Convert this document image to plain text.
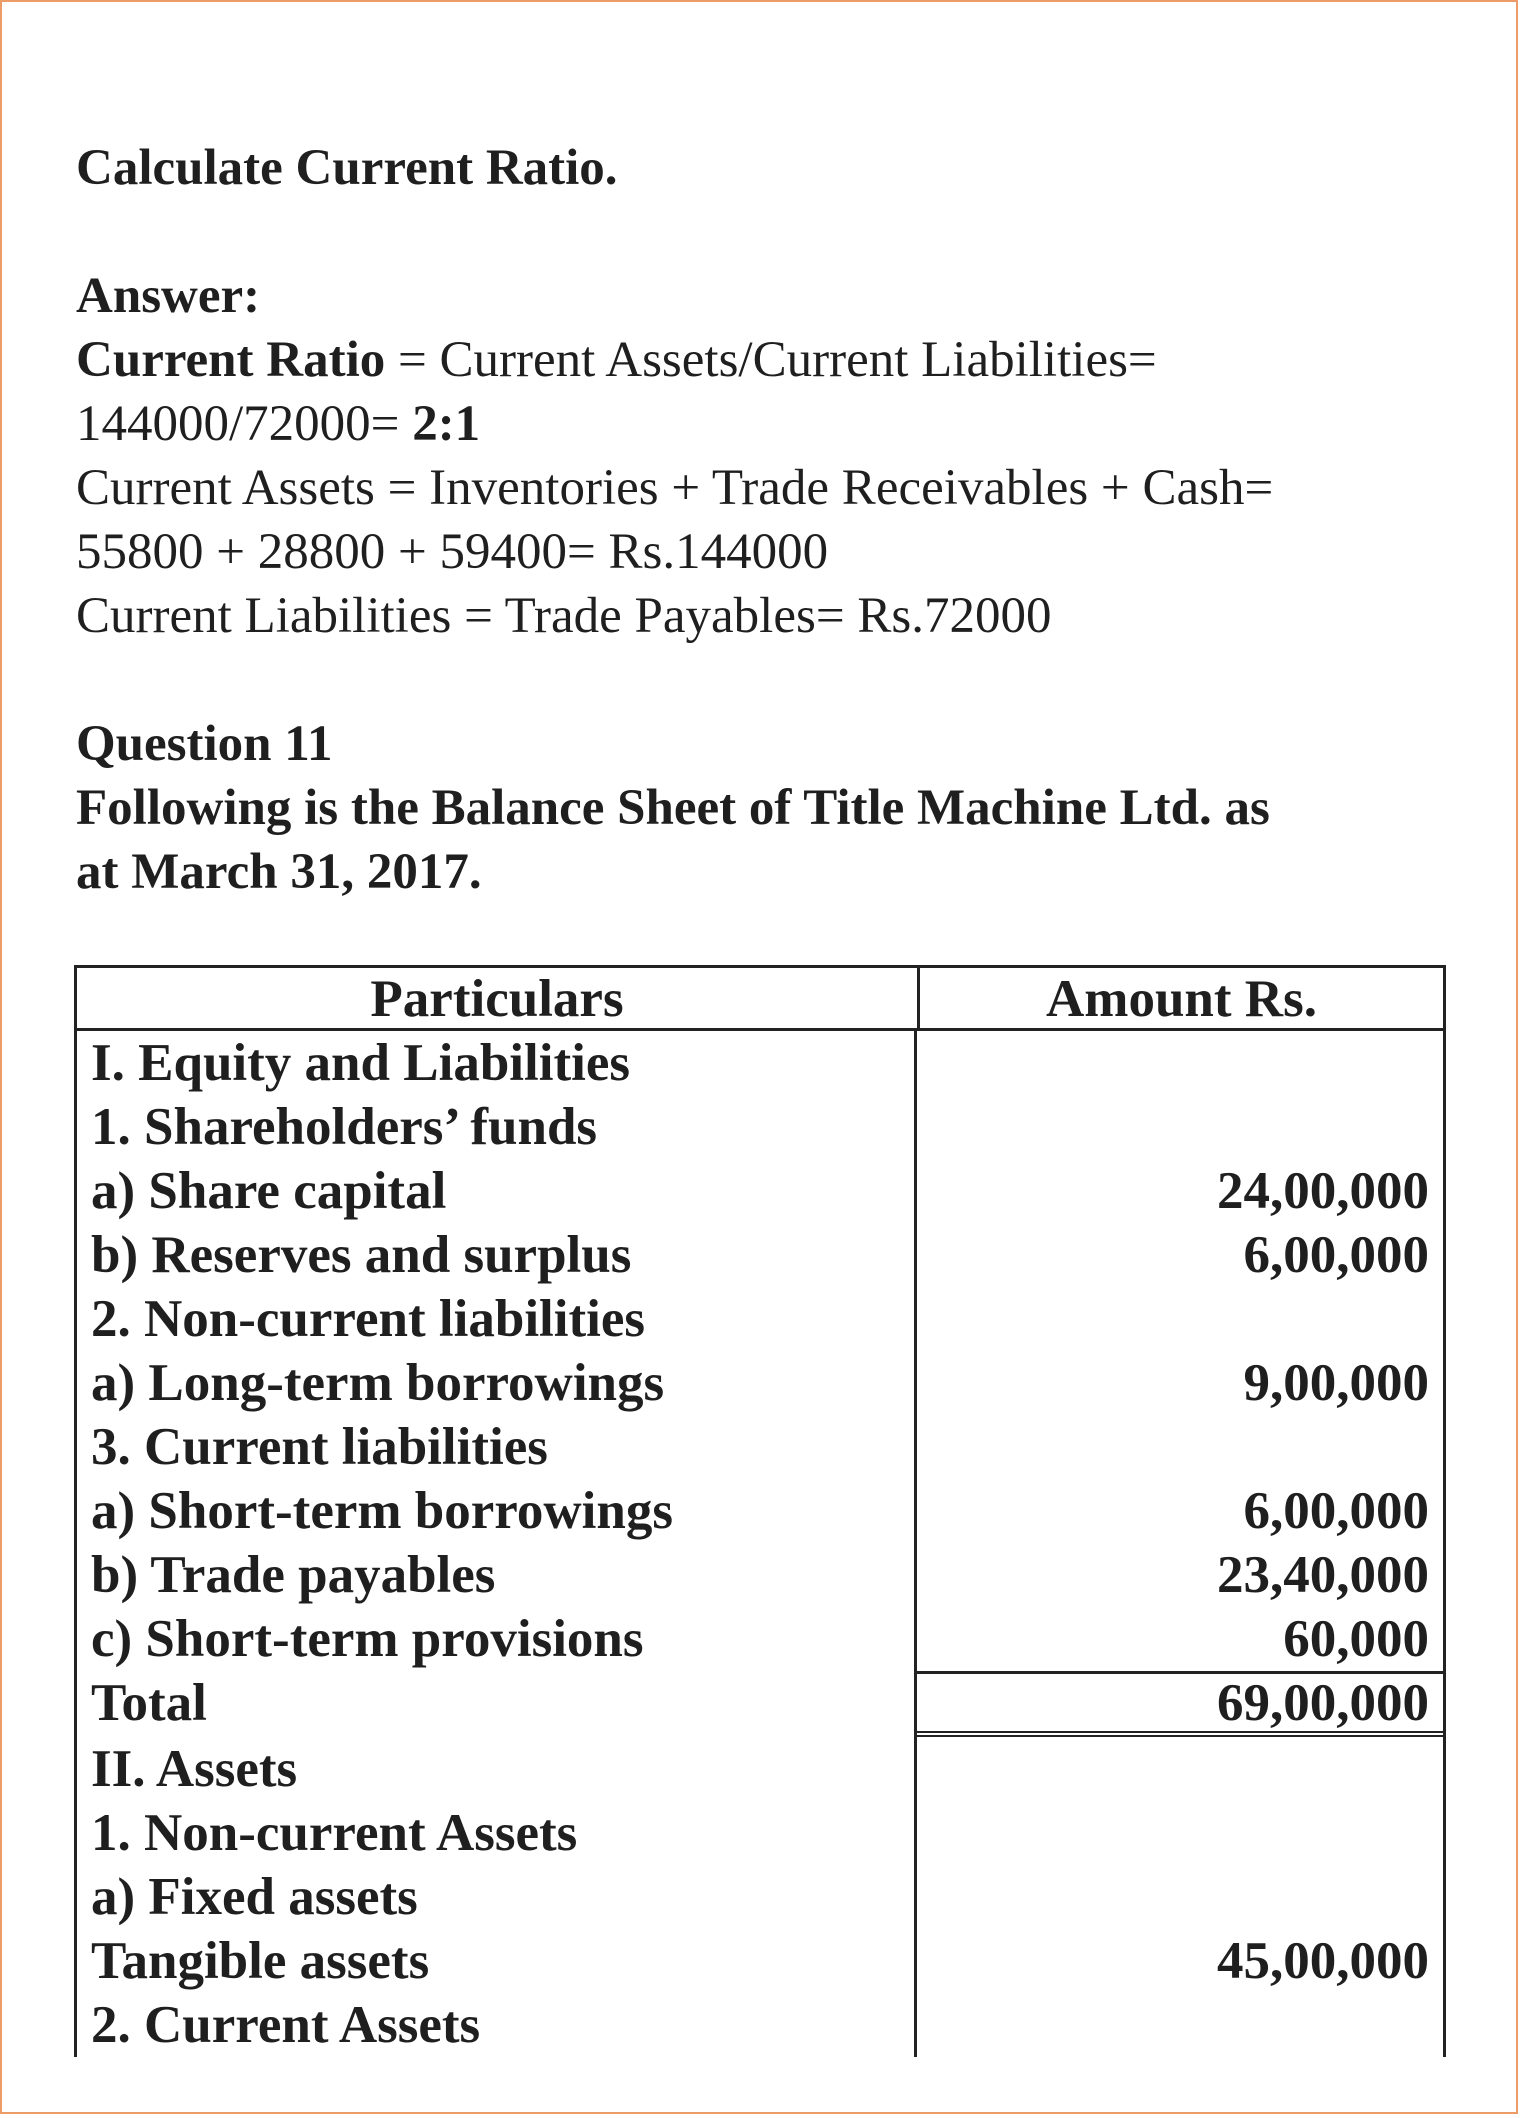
Calculate Current Ratio.
Answer:
Current Ratio = Current Assets/Current Liabilities=
144000/72000= 2:1
Current Assets = Inventories + Trade Receivables + Cash=
55800 + 28800 + 59400= Rs.144000
Current Liabilities = Trade Payables= Rs.72000
Question 11
Following is the Balance Sheet of Title Machine Ltd. as
at March 31, 2017.
Particulars	Amount Rs.
I. Equity and Liabilities
1. Shareholders’ funds
a) Share capital	24,00,000
b) Reserves and surplus	6,00,000
2. Non-current liabilities
a) Long-term borrowings	9,00,000
3. Current liabilities
a) Short-term borrowings	6,00,000
b) Trade payables	23,40,000
c) Short-term provisions	60,000
Total	69,00,000
II. Assets
1. Non-current Assets
a) Fixed assets
Tangible assets	45,00,000
2. Current Assets
